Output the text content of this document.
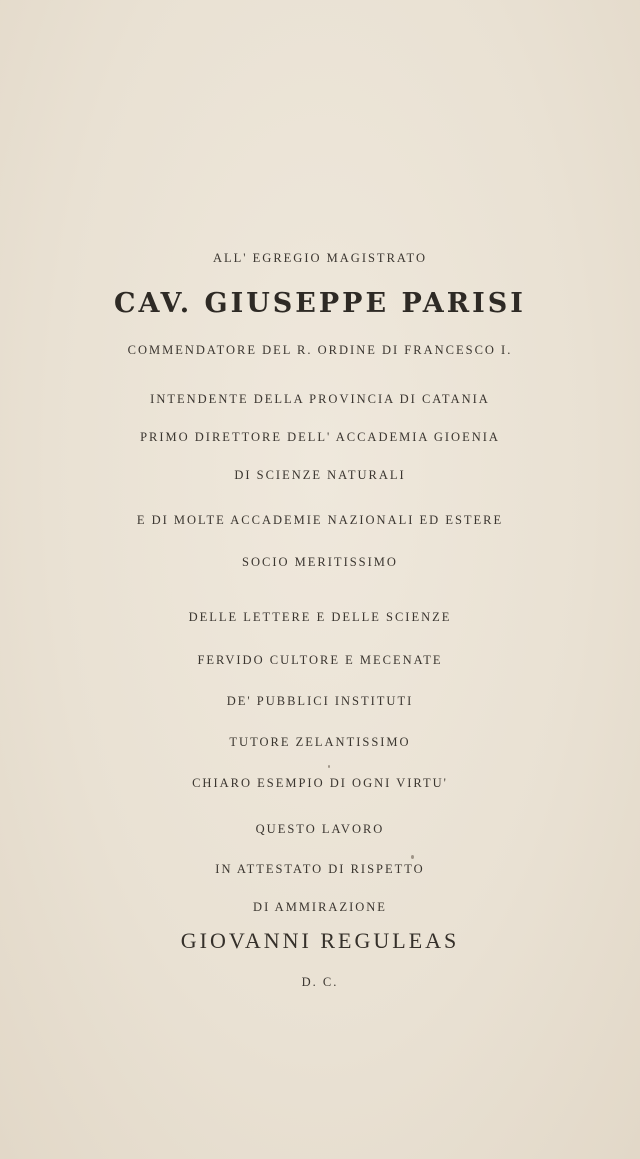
ALL' EGREGIO MAGISTRATO
CAV. GIUSEPPE PARISI
COMMENDATORE DEL R. ORDINE DI FRANCESCO I.
INTENDENTE DELLA PROVINCIA DI CATANIA
PRIMO DIRETTORE DELL' ACCADEMIA GIOENIA
DI SCIENZE NATURALI
E DI MOLTE ACCADEMIE NAZIONALI ED ESTERE
SOCIO MERITISSIMO
DELLE LETTERE E DELLE SCIENZE
FERVIDO CULTORE E MECENATE
DE' PUBBLICI INSTITUTI
TUTORE ZELANTISSIMO
CHIARO ESEMPIO DI OGNI VIRTU'
QUESTO LAVORO
IN ATTESTATO DI RISPETTO
DI AMMIRAZIONE
GIOVANNI REGULEAS
D. C.
